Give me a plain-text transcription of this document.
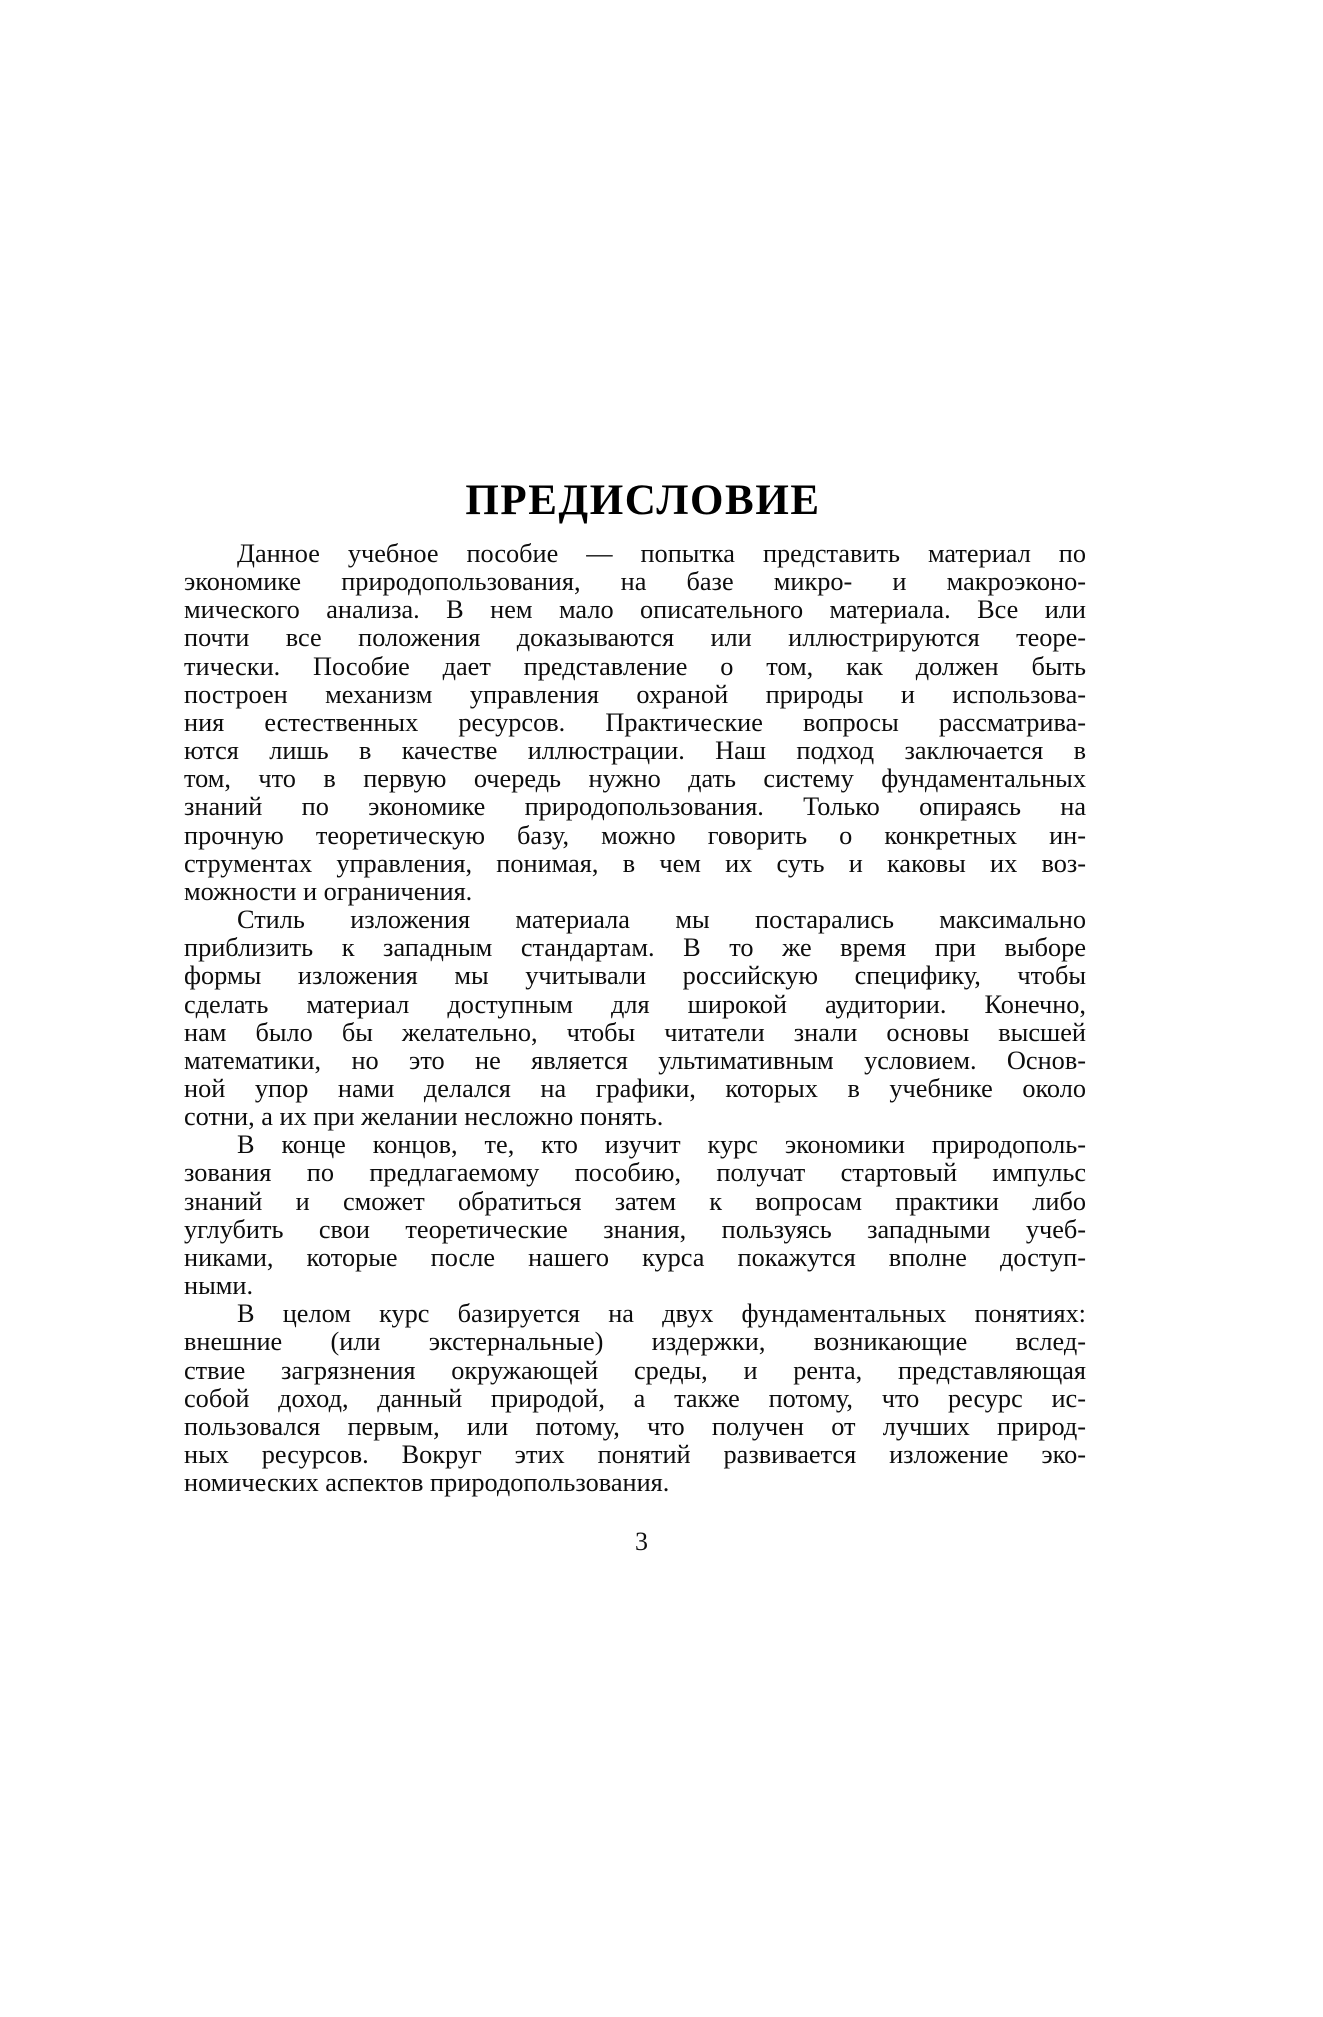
ПРЕДИСЛОВИЕ

Данное учебное пособие — попытка представить материал по
экономике природопользования, на базе микро- и макроэконо-
мического анализа. В нем мало описательного материала. Все или
почти все положения доказываются или иллюстрируются теоре-
тически. Пособие дает представление о том, как должен быть
построен механизм управления охраной природы и использова-
ния естественных ресурсов. Практические вопросы рассматрива-
ются лишь в качестве иллюстрации. Наш подход заключается в
том, что в первую очередь нужно дать систему фундаментальных
знаний по экономике природопользования. Только опираясь на
прочную теоретическую базу, можно говорить о конкретных ин-
струментах управления, понимая, в чем их суть и каковы их воз-
можности и ограничения.

Стиль изложения материала мы постарались максимально
приблизить к западным стандартам. В то же время при выборе
формы изложения мы учитывали российскую специфику, чтобы
сделать материал доступным для широкой аудитории. Конечно,
нам было бы желательно, чтобы читатели знали основы высшей
математики, но это не является ультимативным условием. Основ-
ной упор нами делался на графики, которых в учебнике около
сотни, а их при желании несложно понять.

В конце концов, те, кто изучит курс экономики природополь-
зования по предлагаемому пособию, получат стартовый импульс
знаний и сможет обратиться затем к вопросам практики либо
углубить свои теоретические знания, пользуясь западными учеб-
никами, которые после нашего курса покажутся вполне доступ-
ными.

В целом курс базируется на двух фундаментальных понятиях:
внешние (или экстернальные) издержки, возникающие вслед-
ствие загрязнения окружающей среды, и рента, представляющая
собой доход, данный природой, а также потому, что ресурс ис-
пользовался первым, или потому, что получен от лучших природ-
ных ресурсов. Вокруг этих понятий развивается изложение эко-
номических аспектов природопользования.

3
